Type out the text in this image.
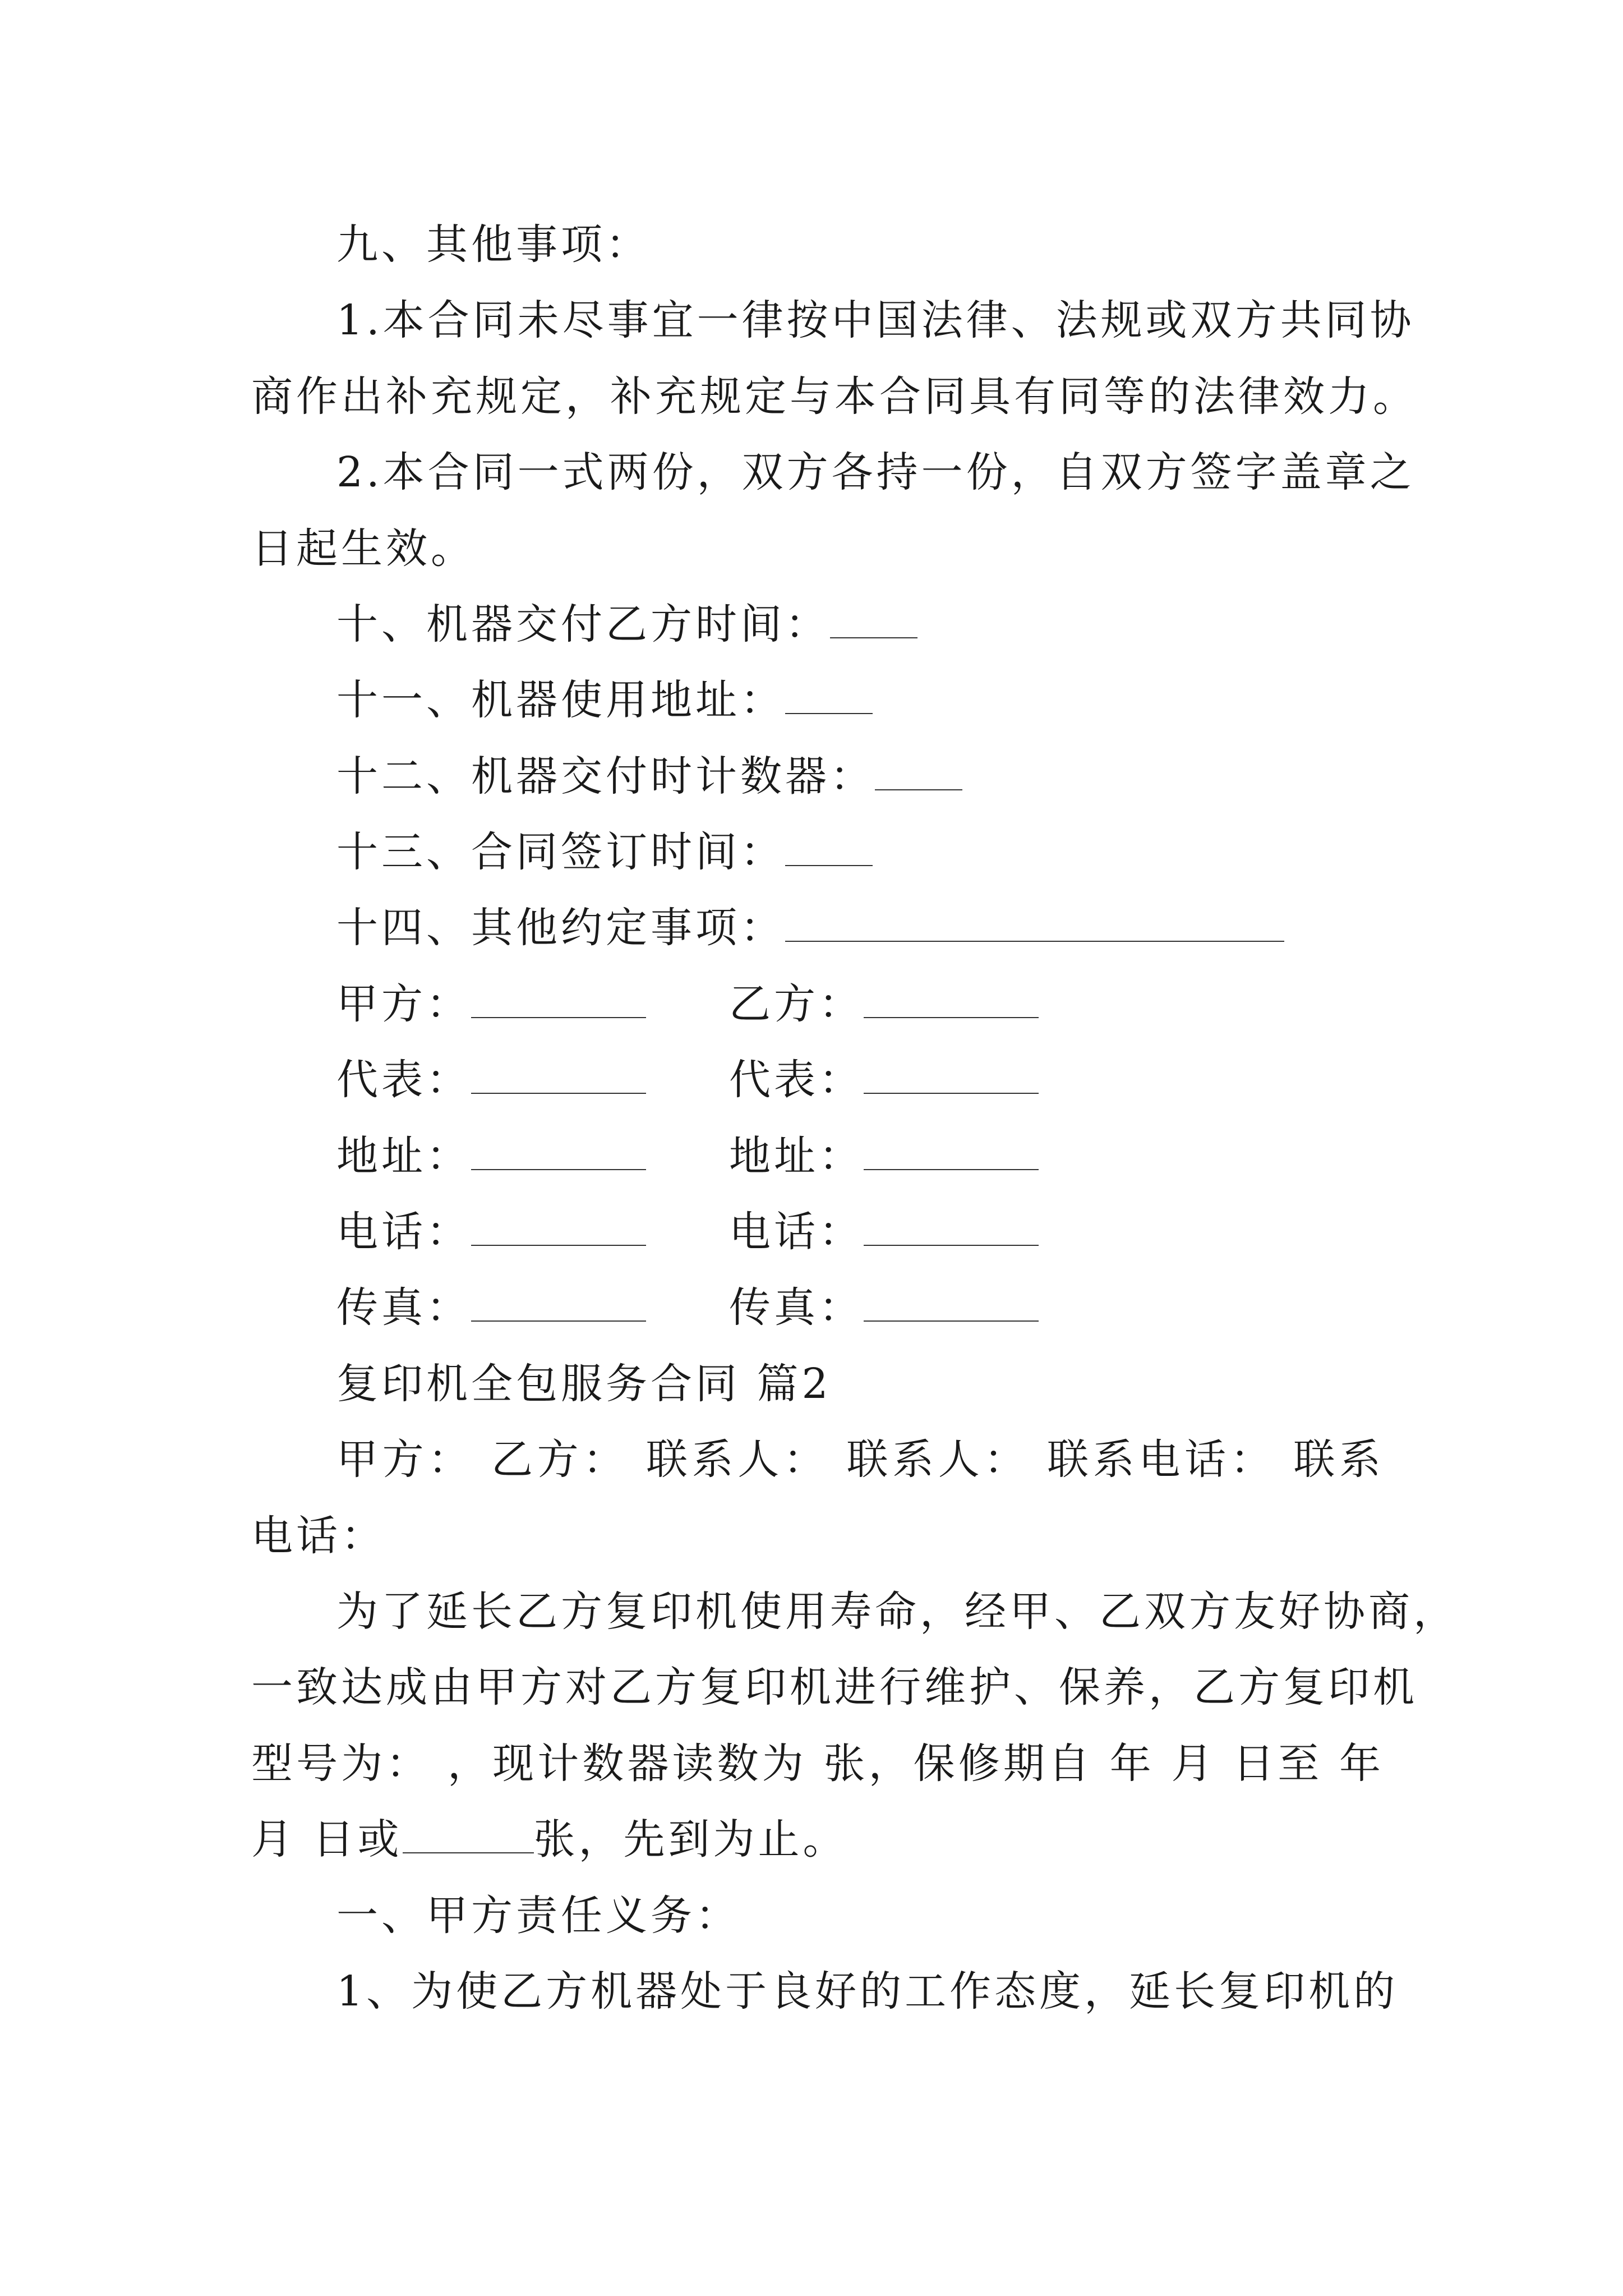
九、其他事项：
1.本合同未尽事宜一律按中国法律、法规或双方共同协
商作出补充规定，补充规定与本合同具有同等的法律效力。
2.本合同一式两份，双方各持一份，自双方签字盖章之
日起生效。
十、机器交付乙方时间：
十一、机器使用地址：
十二、机器交付时计数器：
十三、合同签订时间：
十四、其他约定事项：
甲方：	乙方：
代表：	代表：
地址：	地址：
电话：	电话：
传真：	传真：
复印机全包服务合同 篇2
甲方： 乙方： 联系人： 联系人： 联系电话： 联系
电话：
为了延长乙方复印机使用寿命，经甲、乙双方友好协商，
一致达成由甲方对乙方复印机进行维护、保养，乙方复印机
型号为： ，现计数器读数为 张，保修期自 年 月 日至 年
月 日或	张，先到为止。
一、甲方责任义务：
1、为使乙方机器处于良好的工作态度，延长复印机的
